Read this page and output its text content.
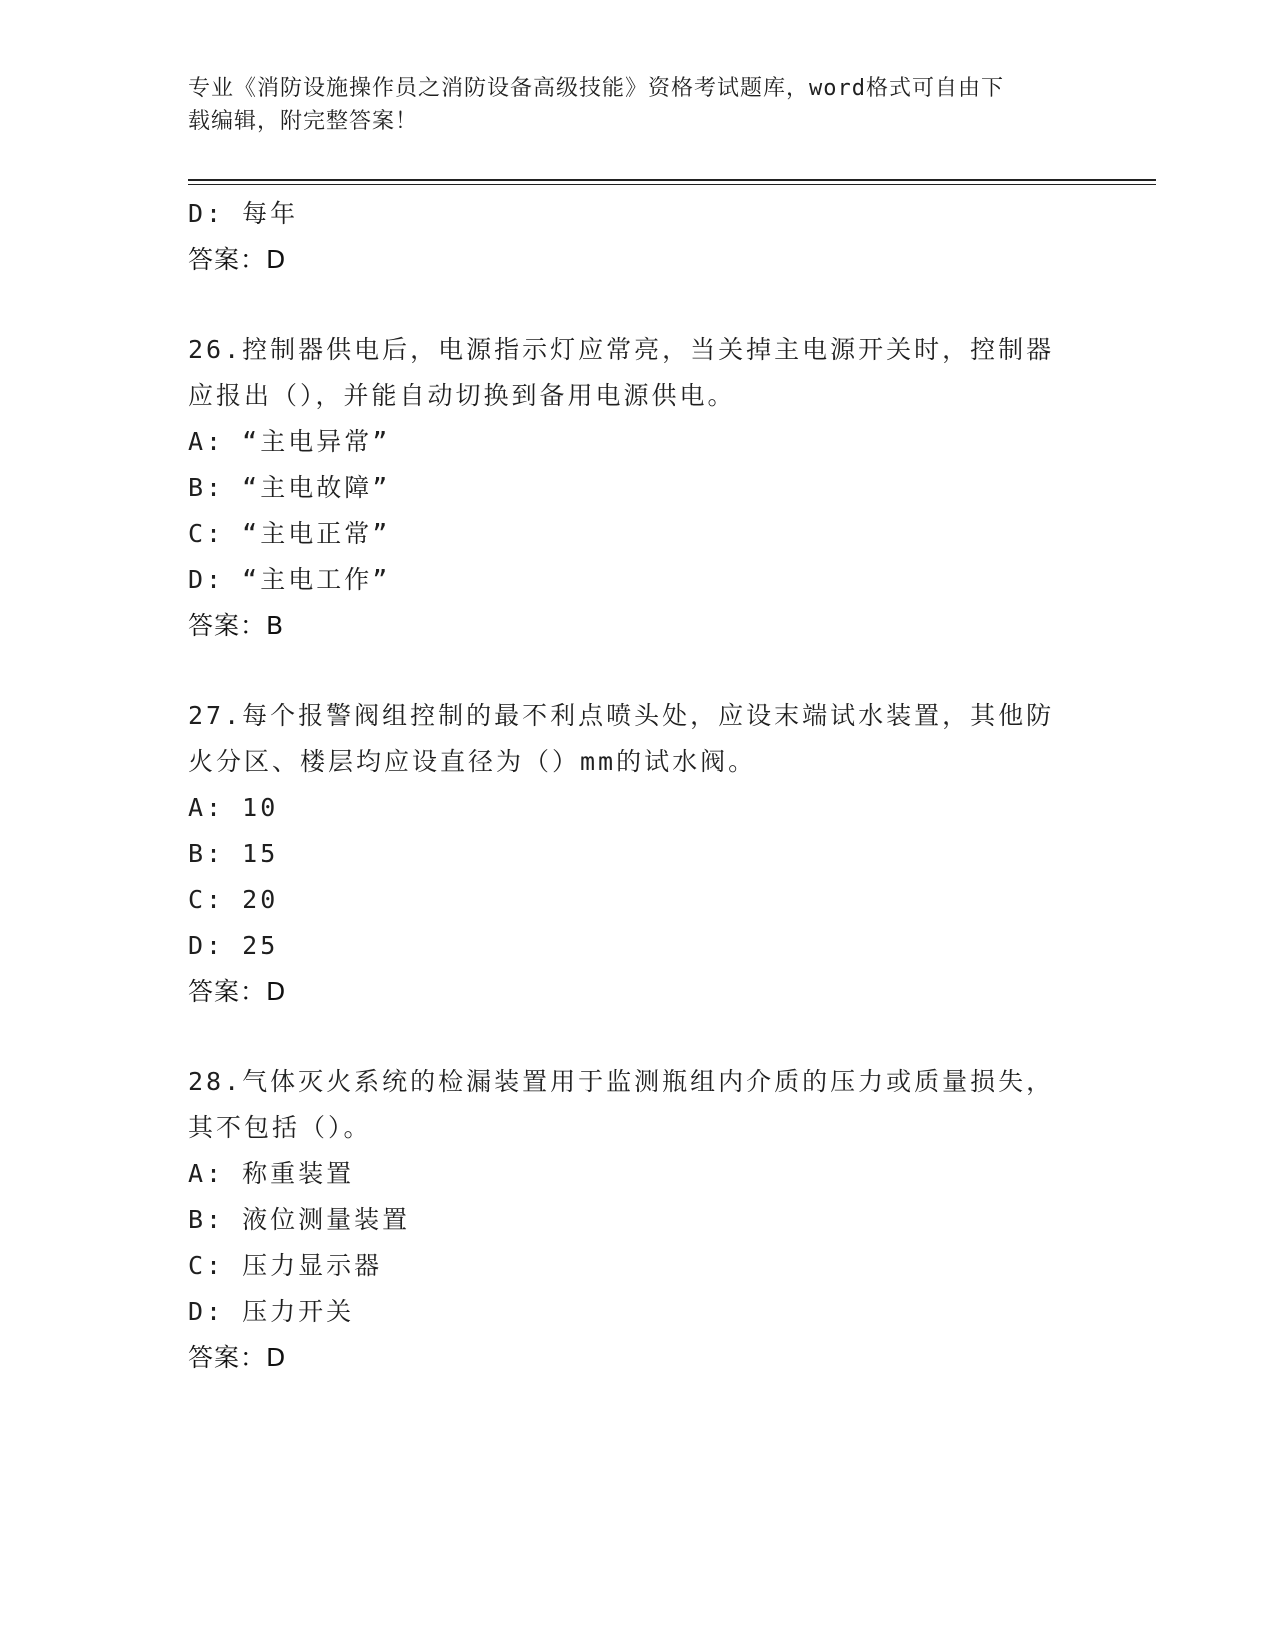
专业《消防设施操作员之消防设备高级技能》资格考试题库，word格式可自由下
载编辑，附完整答案！
D: 每年
答案：D
26.控制器供电后，电源指示灯应常亮，当关掉主电源开关时，控制器
应报出（），并能自动切换到备用电源供电。
A: “主电异常”
B: “主电故障”
C: “主电正常”
D: “主电工作”
答案：B
27.每个报警阀组控制的最不利点喷头处，应设末端试水装置，其他防
火分区、楼层均应设直径为（）mm的试水阀。
A: 10
B: 15
C: 20
D: 25
答案：D
28.气体灭火系统的检漏装置用于监测瓶组内介质的压力或质量损失，
其不包括（）。
A: 称重装置
B: 液位测量装置
C: 压力显示器
D: 压力开关
答案：D
